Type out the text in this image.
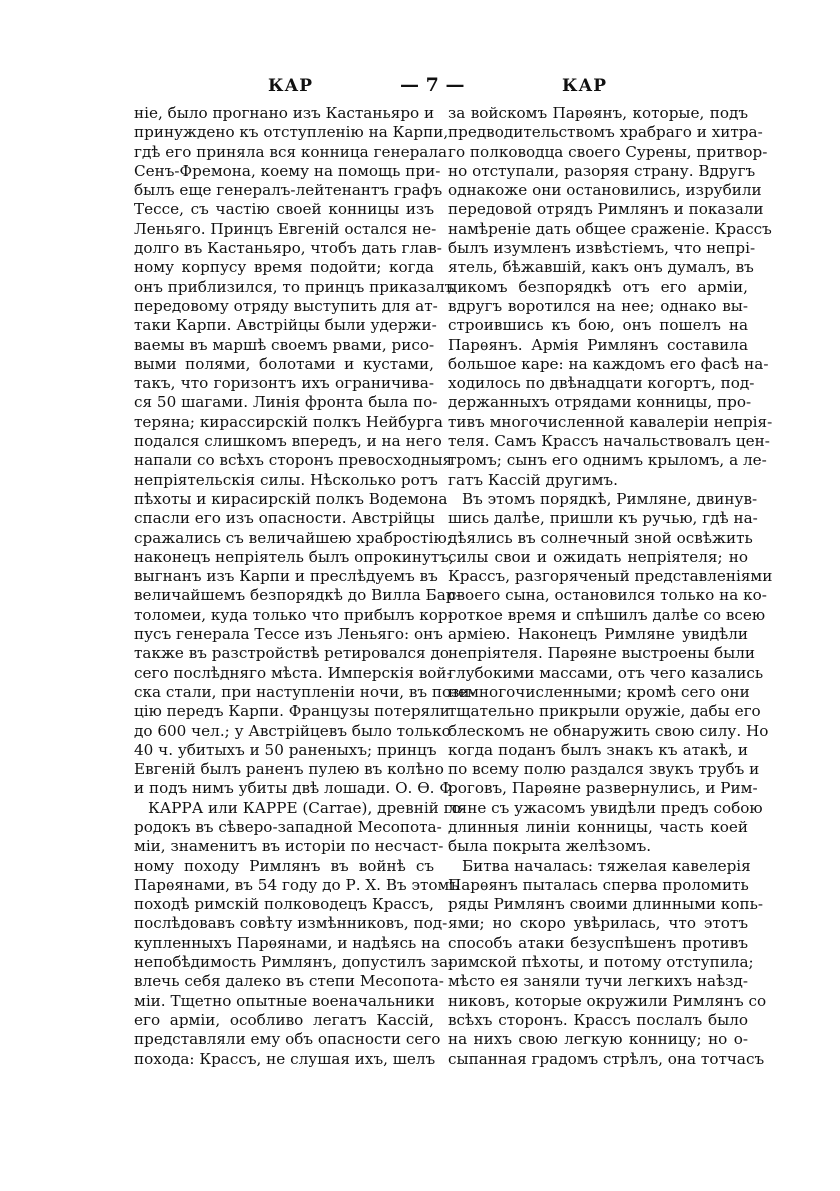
КАР	— 7 —	КАР
ніе, было прогнано изъ Кастаньяро и
принуждено къ отступленію на Карпи,
гдѣ его приняла вся конница генерала
Сенъ-Фремона, коему на помощь при-
былъ еще генералъ-лейтенантъ графъ
Тессе, съ частію своей конницы изъ
Леньяго. Принцъ Евгеній остался не-
долго въ Кастаньяро, чтобъ дать глав-
ному корпусу время подойти; когда
онъ приблизился, то принцъ приказалъ
передовому отряду выступить для ат-
таки Карпи. Австрійцы были удержи-
ваемы въ маршѣ своемъ рвами, рисо-
выми полями, болотами и кустами,
такъ, что горизонтъ ихъ ограничива-
ся 50 шагами. Линія фронта была по-
теряна; кирассирскій полкъ Нейбурга
подался слишкомъ впередъ, и на него
напали со всѣхъ сторонъ превосходныя
непріятельскія силы. Нѣсколько ротъ
пѣхоты и кирасирскій полкъ Водемона
спасли его изъ опасности. Австрійцы
сражались съ величайшею храбростію;
наконецъ непріятель былъ опрокинутъ,
выгнанъ изъ Карпи и преслѣдуемъ въ
величайшемъ безпорядкѣ до Вилла Бар-
толомеи, куда только что прибылъ кор-
пусъ генерала Тессе изъ Леньяго: онъ
также въ разстройствѣ ретировался до
сего послѣдняго мѣста. Имперскія вой-
ска стали, при наступленіи ночи, въ пози-
цію передъ Карпи. Французы потеряли
до 600 чел.; у Австрійцевъ было только
40 ч. убитыхъ и 50 раненыхъ; принцъ
Евгеній былъ раненъ пулею въ колѣно
и подъ нимъ убиты двѣ лошади. О. Ѳ. Ф.
КАРРА или КАРРЕ (Carrae), древній го-
родокъ въ сѣверо-западной Месопота-
міи, знаменитъ въ исторіи по несчаст-
ному походу Римлянъ въ войнѣ съ
Парѳянами, въ 54 году до Р. Х. Въ этомъ
походѣ римскій полководецъ Крассъ,
послѣдовавъ совѣту измѣнниковъ, под-
купленныхъ Парѳянами, и надѣясь на
непобѣдимость Римлянъ, допустилъ за-
влечь себя далеко въ степи Месопота-
міи. Тщетно опытные военачальники
его арміи, особливо легатъ Кассій,
представляли ему объ опасности сего
похода: Крассъ, не слушая ихъ, шелъ
за войскомъ Парѳянъ, которые, подъ
предводительствомъ храбраго и хитра-
го полководца своего Сурены, притвор-
но отступали, разоряя страну. Вдругъ
однакоже они остановились, изрубили
передовой отрядъ Римлянъ и показали
намѣреніе дать общее сраженіе. Крассъ
былъ изумленъ извѣстіемъ, что непрі-
ятель, бѣжавшій, какъ онъ думалъ, въ
дикомъ безпорядкѣ отъ его арміи,
вдругъ воротился на нее; однако вы-
строившись къ бою, онъ пошелъ на
Парѳянъ. Армія Римлянъ составила
большое каре: на каждомъ его фасѣ на-
ходилось по двѣнадцати когортъ, под-
держанныхъ отрядами конницы, про-
тивъ многочисленной кавалеріи непрія-
теля. Самъ Крассъ начальствовалъ цен-
тромъ; сынъ его однимъ крыломъ, а ле-
гатъ Кассій другимъ.
Въ этомъ порядкѣ, Римляне, двинув-
шись далѣе, пришли къ ручью, гдѣ на-
дѣялись въ солнечный зной освѣжить
силы свои и ожидать непріятеля; но
Крассъ, разгоряченый представленіями
своего сына, остановился только на ко-
роткое время и спѣшилъ далѣе со всею
арміею. Наконецъ Римляне увидѣли
непріятеля. Парѳяне выстроены были
глубокими массами, отъ чего казались
немногочисленными; кромѣ сего они
тщательно прикрыли оружіе, дабы его
блескомъ не обнаружить свою силу. Но
когда поданъ былъ знакъ къ атакѣ, и
по всему полю раздался звукъ трубъ и
роговъ, Парѳяне развернулись, и Рим-
ляне съ ужасомъ увидѣли предъ собою
длинныя линіи конницы, часть коей
была покрыта желѣзомъ.
Битва началась: тяжелая кавелерія
Парѳянъ пыталась сперва проломить
ряды Римлянъ своими длинными копь-
ями; но скоро увѣрилась, что этотъ
способъ атаки безуспѣшенъ противъ
римской пѣхоты, и потому отступила;
мѣсто ея заняли тучи легкихъ наѣзд-
никовъ, которые окружили Римлянъ со
всѣхъ сторонъ. Крассъ послалъ было
на нихъ свою легкую конницу; но о-
сыпанная градомъ стрѣлъ, она тотчасъ
